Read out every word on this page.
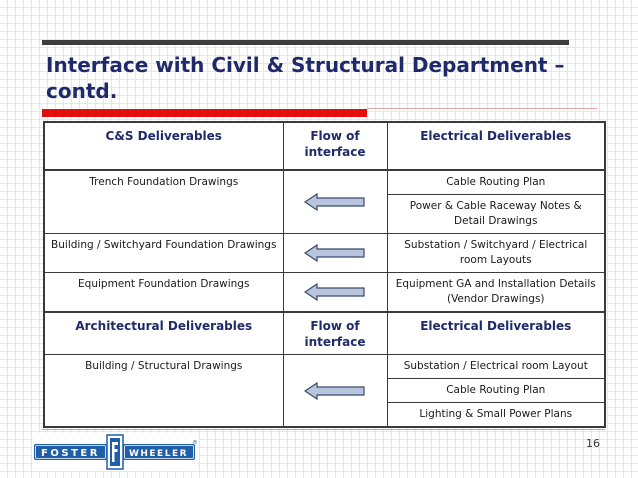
Interface with Civil & Structural Department – contd.
C&S Deliverables	Flow of interface	Electrical Deliverables
Trench Foundation Drawings		Cable Routing Plan
		Power & Cable Raceway Notes & Detail Drawings
Building / Switchyard Foundation Drawings		Substation / Switchyard / Electrical room Layouts
Equipment Foundation Drawings		Equipment GA and Installation Details (Vendor Drawings)
Architectural Deliverables	Flow of interface	Electrical Deliverables
Building / Structural Drawings		Substation / Electrical room Layout
		Cable Routing Plan
		Lighting & Small Power Plans
FOSTER	WHEELER
®	16
